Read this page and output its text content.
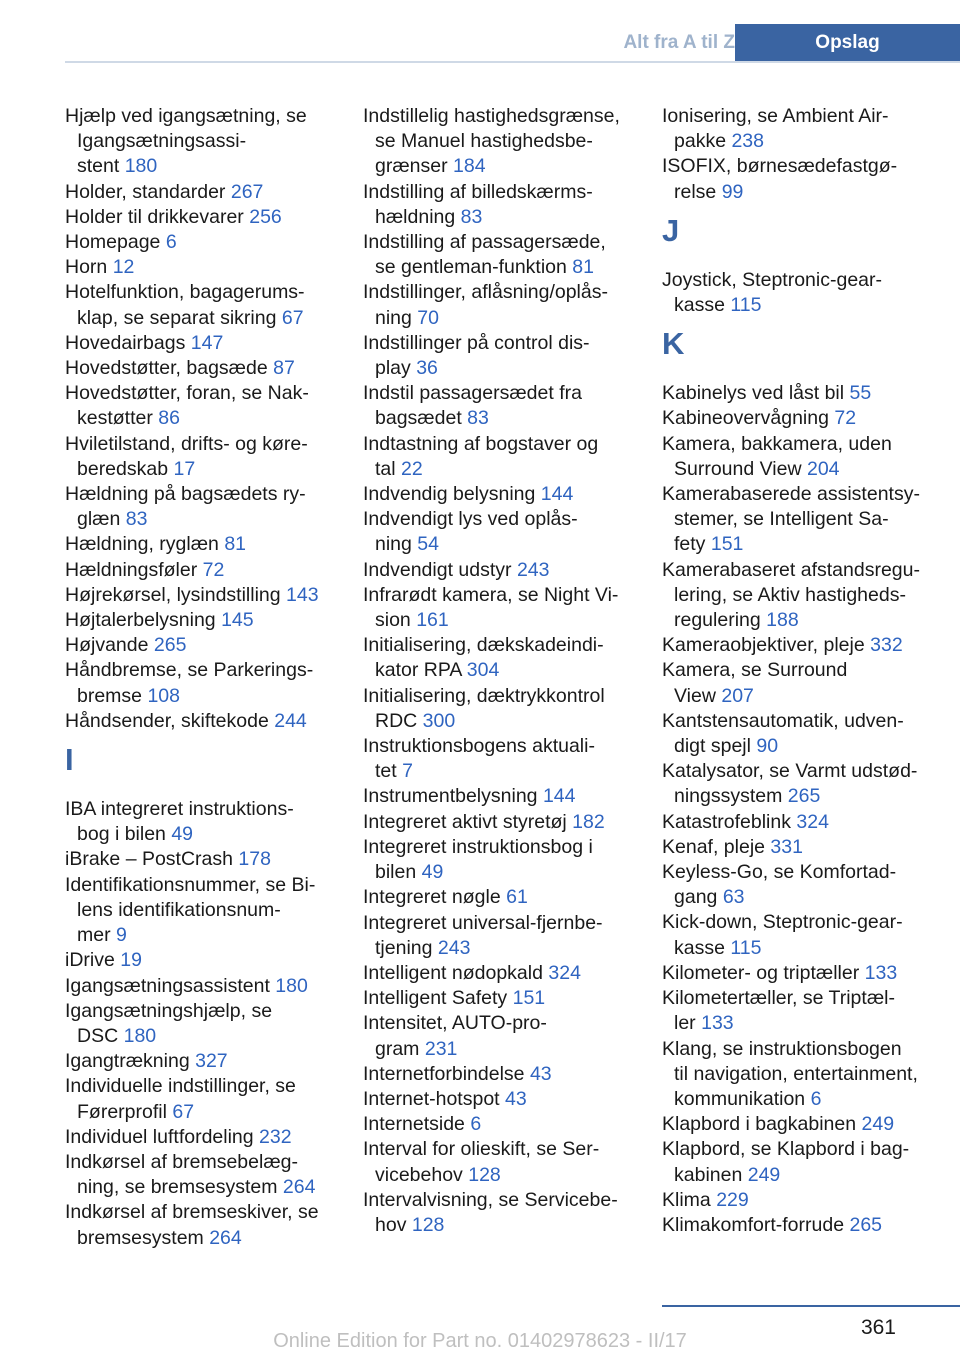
Alt fra A til Z	Opslag
Hjælp ved igangsætning, se
Igangsætningsassi-
stent 180
Holder, standarder 267
Holder til drikkevarer 256
Homepage 6
Horn 12
Hotelfunktion, bagagerums-
klap, se separat sikring 67
Hovedairbags 147
Hovedstøtter, bagsæde 87
Hovedstøtter, foran, se Nak-
kestøtter 86
Hviletilstand, drifts- og køre-
beredskab 17
Hældning på bagsædets ry-
glæn 83
Hældning, ryglæn 81
Hældningsføler 72
Højrekørsel, lysindstilling 143
Højtalerbelysning 145
Højvande 265
Håndbremse, se Parkerings-
bremse 108
Håndsender, skiftekode 244
I
IBA integreret instruktions-
bog i bilen 49
iBrake – PostCrash 178
Identifikationsnummer, se Bi-
lens identifikationsnum-
mer 9
iDrive 19
Igangsætningsassistent 180
Igangsætningshjælp, se
DSC 180
Igangtrækning 327
Individuelle indstillinger, se
Førerprofil 67
Individuel luftfordeling 232
Indkørsel af bremsebelæg-
ning, se bremsesystem 264
Indkørsel af bremseskiver, se
bremsesystem 264
Indstillelig hastighedsgrænse,
se Manuel hastighedsbe-
grænser 184
Indstilling af billedskærms-
hældning 83
Indstilling af passagersæde,
se gentleman-funktion 81
Indstillinger, aflåsning/oplås-
ning 70
Indstillinger på control dis-
play 36
Indstil passagersædet fra
bagsædet 83
Indtastning af bogstaver og
tal 22
Indvendig belysning 144
Indvendigt lys ved oplås-
ning 54
Indvendigt udstyr 243
Infrarødt kamera, se Night Vi-
sion 161
Initialisering, dækskadeindi-
kator RPA 304
Initialisering, dæktrykkontrol
RDC 300
Instruktionsbogens aktuali-
tet 7
Instrumentbelysning 144
Integreret aktivt styretøj 182
Integreret instruktionsbog i
bilen 49
Integreret nøgle 61
Integreret universal-fjernbe-
tjening 243
Intelligent nødopkald 324
Intelligent Safety 151
Intensitet, AUTO-pro-
gram 231
Internetforbindelse 43
Internet-hotspot 43
Internetside 6
Interval for olieskift, se Ser-
vicebehov 128
Intervalvisning, se Servicebe-
hov 128
Ionisering, se Ambient Air-
pakke 238
ISOFIX, børnesædefastgø-
relse 99
J
Joystick, Steptronic-gear-
kasse 115
K
Kabinelys ved låst bil 55
Kabineovervågning 72
Kamera, bakkamera, uden
Surround View 204
Kamerabaserede assistentsy-
stemer, se Intelligent Sa-
fety 151
Kamerabaseret afstandsregu-
lering, se Aktiv hastigheds-
regulering 188
Kameraobjektiver, pleje 332
Kamera, se Surround
View 207
Kantstensautomatik, udven-
digt spejl 90
Katalysator, se Varmt udstød-
ningssystem 265
Katastrofeblink 324
Kenaf, pleje 331
Keyless-Go, se Komfortad-
gang 63
Kick-down, Steptronic-gear-
kasse 115
Kilometer- og triptæller 133
Kilometertæller, se Triptæl-
ler 133
Klang, se instruktionsbogen
til navigation, entertainment,
kommunikation 6
Klapbord i bagkabinen 249
Klapbord, se Klapbord i bag-
kabinen 249
Klima 229
Klimakomfort-forrude 265
361
Online Edition for Part no. 01402978623 - II/17
